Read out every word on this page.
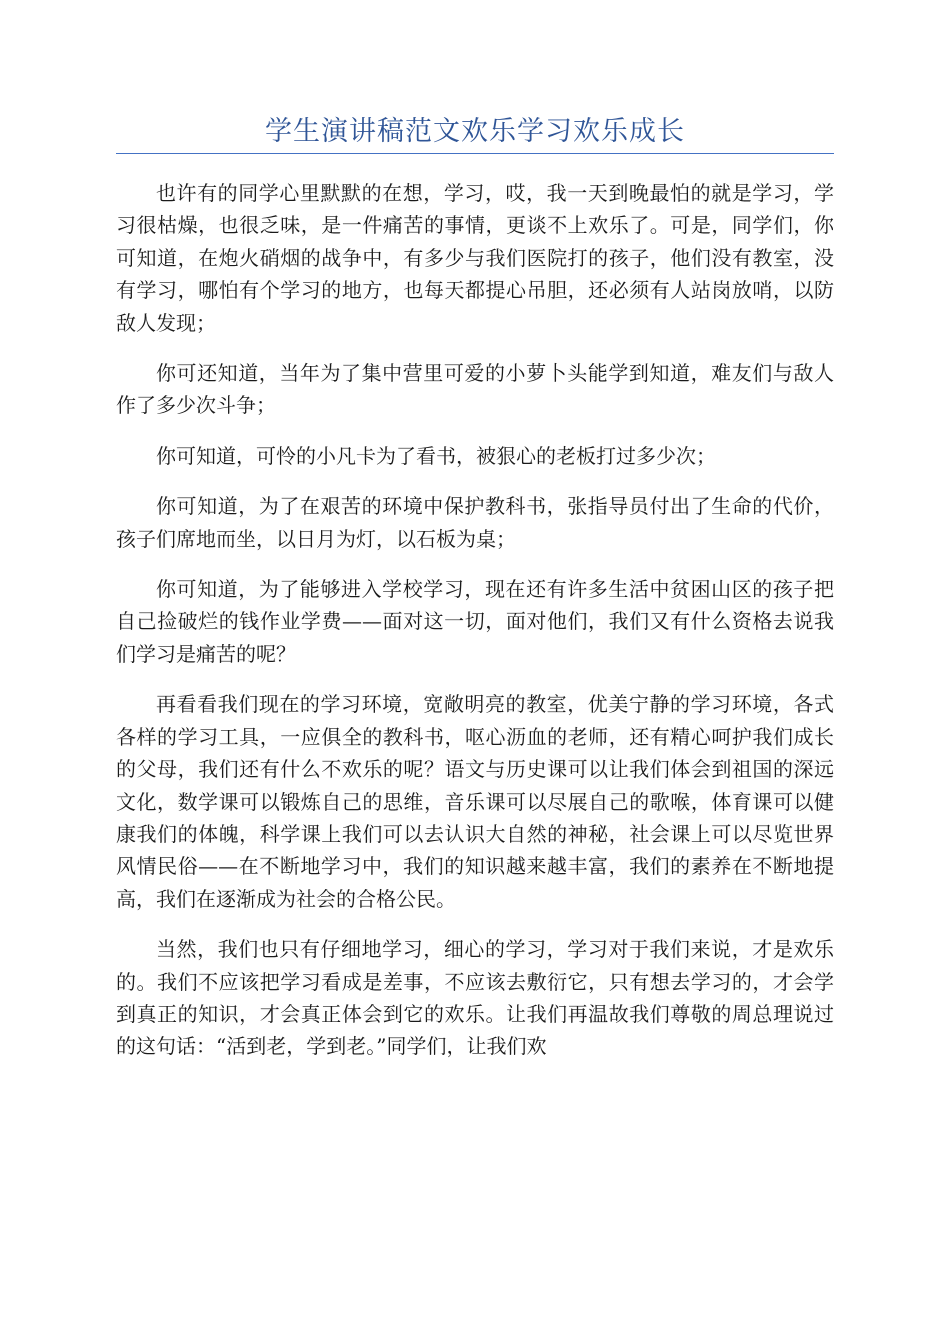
学生演讲稿范文欢乐学习欢乐成长

也许有的同学心里默默的在想，学习，哎，我一天到晚最怕的就是学习，学习很枯燥，也很乏味，是一件痛苦的事情，更谈不上欢乐了。可是，同学们，你可知道，在炮火硝烟的战争中，有多少与我们医院打的孩子，他们没有教室，没有学习，哪怕有个学习的地方，也每天都提心吊胆，还必须有人站岗放哨，以防敌人发现；

你可还知道，当年为了集中营里可爱的小萝卜头能学到知道，难友们与敌人作了多少次斗争；

你可知道，可怜的小凡卡为了看书，被狠心的老板打过多少次；

你可知道，为了在艰苦的环境中保护教科书，张指导员付出了生命的代价，孩子们席地而坐，以日月为灯，以石板为桌；

你可知道，为了能够进入学校学习，现在还有许多生活中贫困山区的孩子把自己捡破烂的钱作业学费——面对这一切，面对他们，我们又有什么资格去说我们学习是痛苦的呢？

再看看我们现在的学习环境，宽敞明亮的教室，优美宁静的学习环境，各式各样的学习工具，一应俱全的教科书，呕心沥血的老师，还有精心呵护我们成长的父母，我们还有什么不欢乐的呢？语文与历史课可以让我们体会到祖国的深远文化，数学课可以锻炼自己的思维，音乐课可以尽展自己的歌喉，体育课可以健康我们的体魄，科学课上我们可以去认识大自然的神秘，社会课上可以尽览世界风情民俗——在不断地学习中，我们的知识越来越丰富，我们的素养在不断地提高，我们在逐渐成为社会的合格公民。

当然，我们也只有仔细地学习，细心的学习，学习对于我们来说，才是欢乐的。我们不应该把学习看成是差事，不应该去敷衍它，只有想去学习的，才会学到真正的知识，才会真正体会到它的欢乐。让我们再温故我们尊敬的周总理说过的这句话：“活到老，学到老。”同学们，让我们欢
